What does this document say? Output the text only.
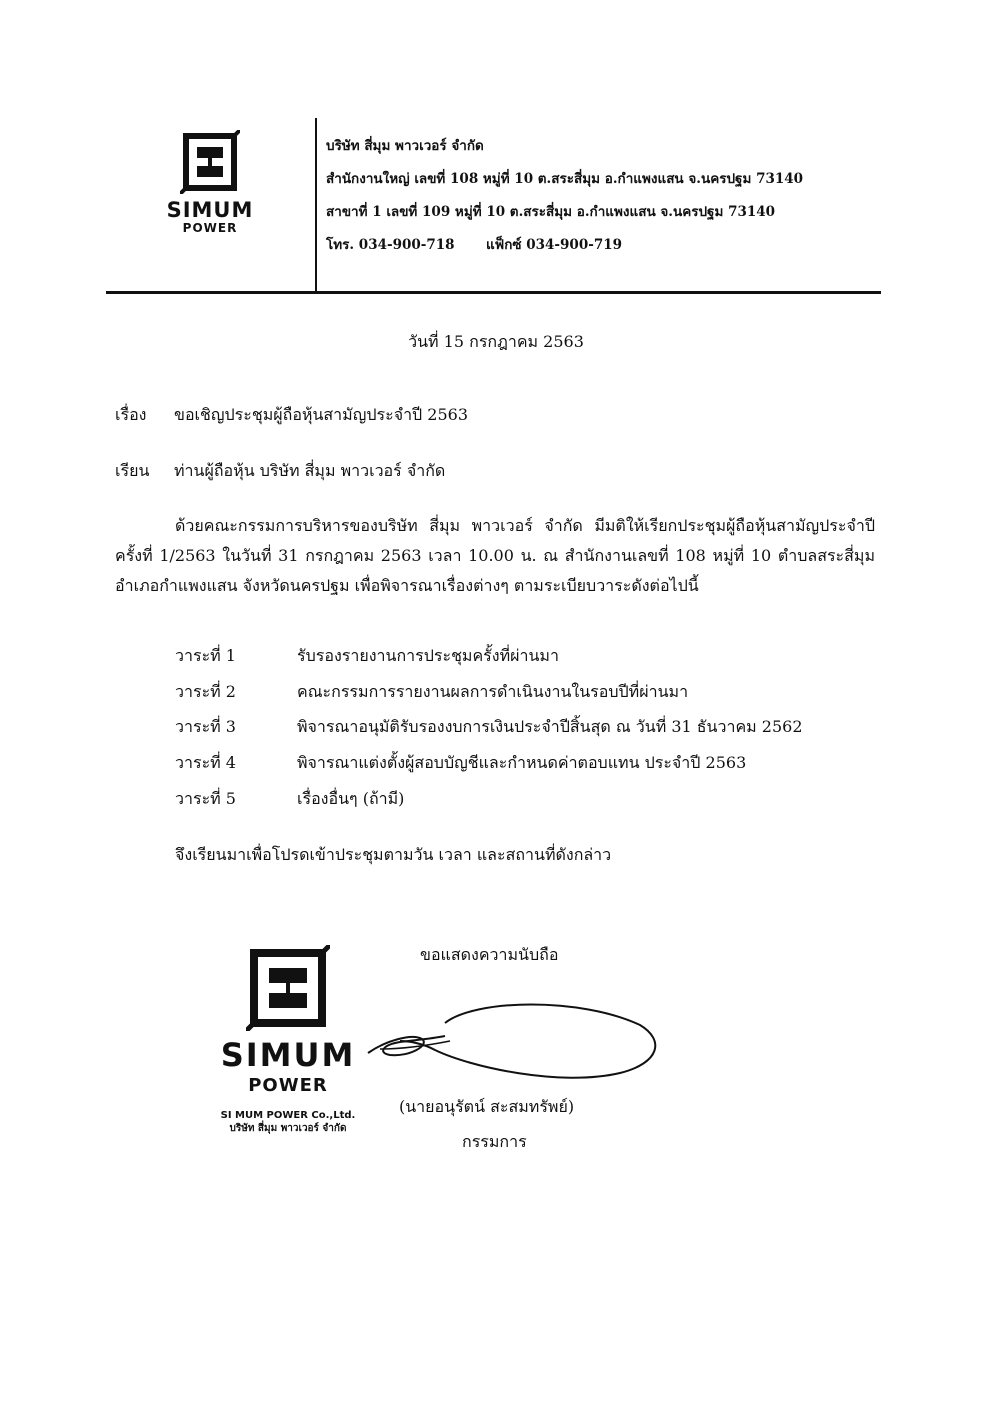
SIMUM
POWER
บริษัท สี่มุม พาวเวอร์ จำกัด
สำนักงานใหญ่ เลขที่ 108 หมู่ที่ 10 ต.สระสี่มุม อ.กำแพงแสน จ.นครปฐม 73140
สาขาที่ 1 เลขที่ 109 หมู่ที่ 10 ต.สระสี่มุม อ.กำแพงแสน จ.นครปฐม 73140
โทร. 034-900-718 แฟ็กซ์ 034-900-719
วันที่ 15 กรกฎาคม 2563
เรื่อง ขอเชิญประชุมผู้ถือหุ้นสามัญประจำปี 2563
เรียน ท่านผู้ถือหุ้น บริษัท สี่มุม พาวเวอร์ จำกัด
ด้วยคณะกรรมการบริหารของบริษัท สี่มุม พาวเวอร์ จำกัด มีมติให้เรียกประชุมผู้ถือหุ้นสามัญประจำปี ครั้งที่ 1/2563 ในวันที่ 31 กรกฎาคม 2563 เวลา 10.00 น. ณ สำนักงานเลขที่ 108 หมู่ที่ 10 ตำบลสระสี่มุม อำเภอกำแพงแสน จังหวัดนครปฐม เพื่อพิจารณาเรื่องต่างๆ ตามระเบียบวาระดังต่อไปนี้
วาระที่ 1	รับรองรายงานการประชุมครั้งที่ผ่านมา
วาระที่ 2	คณะกรรมการรายงานผลการดำเนินงานในรอบปีที่ผ่านมา
วาระที่ 3	พิจารณาอนุมัติรับรองงบการเงินประจำปีสิ้นสุด ณ วันที่ 31 ธันวาคม 2562
วาระที่ 4	พิจารณาแต่งตั้งผู้สอบบัญชีและกำหนดค่าตอบแทน ประจำปี 2563
วาระที่ 5	เรื่องอื่นๆ (ถ้ามี)
จึงเรียนมาเพื่อโปรดเข้าประชุมตามวัน เวลา และสถานที่ดังกล่าว
ขอแสดงความนับถือ
SIMUM
POWER
SI MUM POWER Co.,Ltd.
บริษัท สี่มุม พาวเวอร์ จำกัด
(นายอนุรัตน์ สะสมทรัพย์)
กรรมการ
